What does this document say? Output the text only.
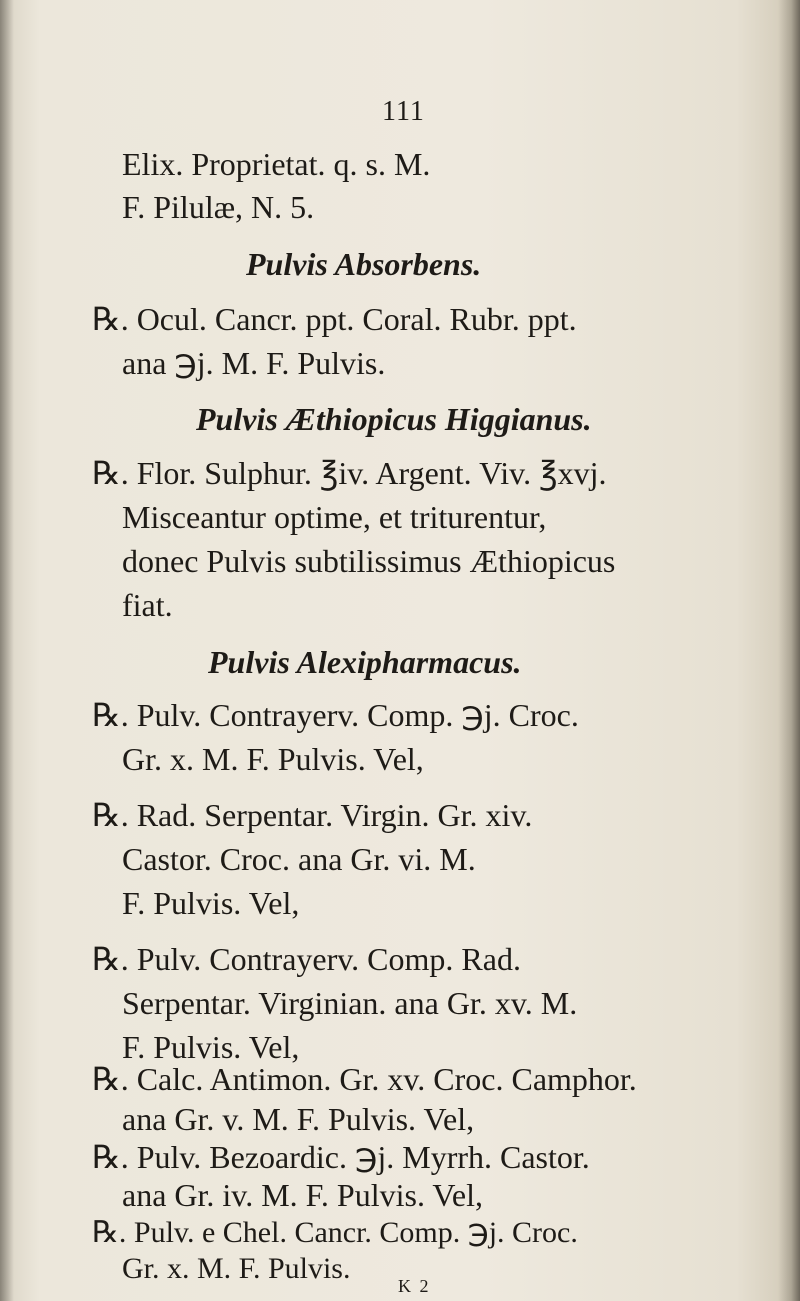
111
Elix. Proprietat. q. s. M.
F. Pilulæ, N. 5.
Pulvis Absorbens.
℞. Ocul. Cancr. ppt. Coral. Rubr. ppt.
ana ℈j. M. F. Pulvis.
Pulvis Æthiopicus Higgianus.
℞. Flor. Sulphur. ℥iv. Argent. Viv. ℥xvj.
Misceantur optime, et triturentur,
donec Pulvis subtilissimus Æthiopicus
fiat.
Pulvis Alexipharmacus.
℞. Pulv. Contrayerv. Comp. ℈j. Croc.
Gr. x. M. F. Pulvis. Vel,
℞. Rad. Serpentar. Virgin. Gr. xiv.
Castor. Croc. ana Gr. vi. M.
F. Pulvis. Vel,
℞. Pulv. Contrayerv. Comp. Rad.
Serpentar. Virginian. ana Gr. xv. M.
F. Pulvis. Vel,
℞. Calc. Antimon. Gr. xv. Croc. Camphor.
ana Gr. v. M. F. Pulvis. Vel,
℞. Pulv. Bezoardic. ℈j. Myrrh. Castor.
ana Gr. iv. M. F. Pulvis. Vel,
℞. Pulv. e Chel. Cancr. Comp. ℈j. Croc.
Gr. x. M. F. Pulvis.
K 2
